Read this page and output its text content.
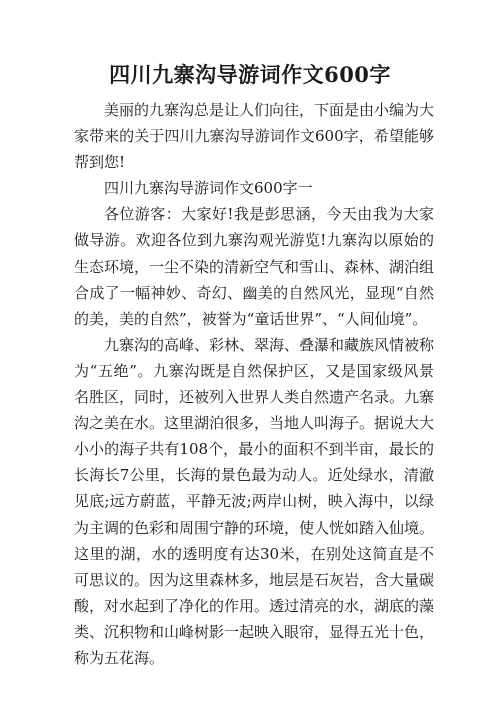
四川九寨沟导游词作文600字

美丽的九寨沟总是让人们向往，下面是由小编为大家带来的关于四川九寨沟导游词作文600字，希望能够帮到您!

四川九寨沟导游词作文600字一

各位游客：大家好!我是彭思涵，今天由我为大家做导游。欢迎各位到九寨沟观光游览!九寨沟以原始的生态环境，一尘不染的清新空气和雪山、森林、湖泊组合成了一幅神妙、奇幻、幽美的自然风光，显现“自然的美，美的自然”，被誉为“童话世界”、“人间仙境”。

九寨沟的高峰、彩林、翠海、叠瀑和藏族风情被称为“五绝”。九寨沟既是自然保护区，又是国家级风景名胜区，同时，还被列入世界人类自然遗产名录。九寨沟之美在水。这里湖泊很多，当地人叫海子。据说大大小小的海子共有108个，最小的面积不到半亩，最长的长海长7公里，长海的景色最为动人。近处绿水，清澈见底;远方蔚蓝，平静无波;两岸山树，映入海中，以绿为主调的色彩和周围宁静的环境，使人恍如踏入仙境。这里的湖，水的透明度有达30米，在别处这简直是不可思议的。因为这里森林多，地层是石灰岩，含大量碳酸，对水起到了净化的作用。透过清亮的水，湖底的藻类、沉积物和山峰树影一起映入眼帘，显得五光十色，称为五花海。
